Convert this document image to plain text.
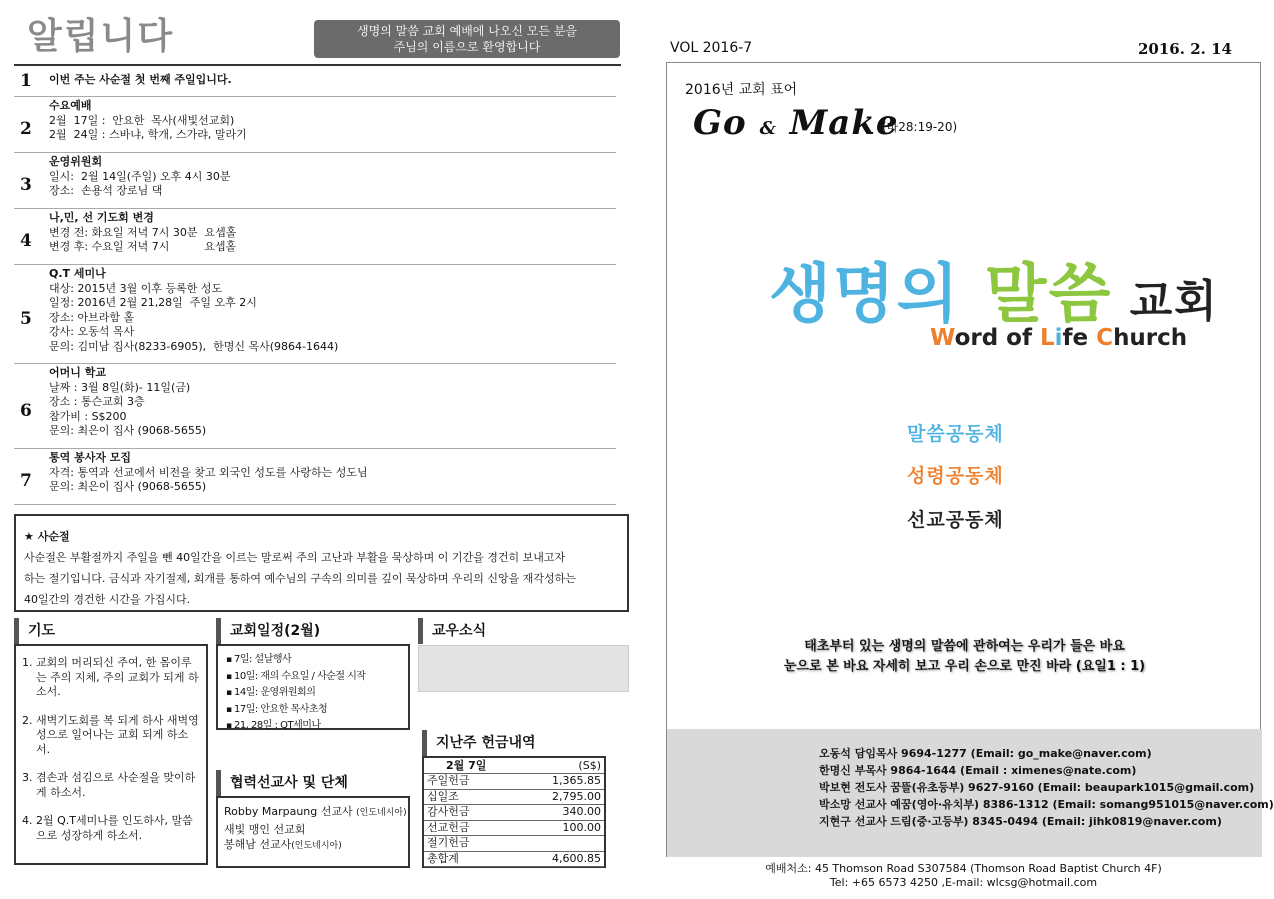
알립니다	생명의 말씀 교회 예배에 나오신 모든 분을
주님의 이름으로 환영합니다
1 이번 주는 사순절 첫 번째 주일입니다.
2
수요예배
2월  17일 :  안요한  목사(새빛선교회)
2월  24일 : 스바냐, 학개, 스가랴, 말라기
3
운영위원회
일시:  2월 14일(주일) 오후 4시 30분
장소:  손용석 장로님 댁
4
나,민, 선 기도회 변경
변경 전: 화요일 저녁 7시 30분  요셉홀
변경 후: 수요일 저녁 7시          요셉홀
5
Q.T 세미나
대상: 2015년 3월 이후 등록한 성도
일정: 2016년 2월 21,28일  주일 오후 2시
장소: 아브라함 홀
강사: 오동석 목사
문의: 김미남 집사(8233-6905),  한명신 목사(9864-1644)
6
어머니 학교
날짜 : 3월 8일(화)- 11일(금)
장소 : 통슨교회 3층
참가비 : S$200
문의: 최은이 집사 (9068-5655)
7
통역 봉사자 모집
자격: 통역과 선교에서 비전을 찾고 외국인 성도를 사랑하는 성도님
문의: 최은이 집사 (9068-5655)
★ 사순절
사순절은 부활절까지 주일을 뺀 40일간을 이르는 말로써 주의 고난과 부활을 묵상하며 이 기간을 경건히 보내고자
하는 절기입니다. 금식과 자기절제, 회개를 통하여 예수님의 구속의 의미를 깊이 묵상하며 우리의 신앙을 재각성하는
40일간의 경건한 시간을 가집시다.
기도
1. 교회의 머리되신 주여, 한 몸이루는 주의 지체, 주의 교회가 되게 하소서.
2. 새벽기도회를 복 되게 하사 새벽영성으로 일어나는 교회 되게 하소서.
3. 겸손과 섬김으로 사순절을 맞이하게 하소서.
4. 2월 Q.T세미나를 인도하사, 말씀으로 성장하게 하소서.
교회일정(2월)
▪ 7일: 설날행사
▪ 10일: 재의 수요일 / 사순절 시작
▪ 14일: 운영위원회의
▪ 17일: 안요한 목사초청
▪ 21, 28일 : QT세미나
협력선교사 및 단체
Robby Marpaung 선교사 (인도네시아)
새빛 맹인 선교회
봉해남 선교사(인도네시아)
교우소식
지난주 헌금내역
2월 7일	(S$)
주일헌금	1,365.85
십일조	2,795.00
감사헌금	340.00
선교헌금	100.00
절기헌금	
총합계	4,600.85
VOL 2016-7	2016. 2. 14
2016년 교회 표어
Go & Make
(마28:19-20)
생명의 말씀 교회
Word of Life Church
말씀공동체
성령공동체
선교공동체
태초부터 있는 생명의 말씀에 관하여는 우리가 들은 바요
눈으로 본 바요 자세히 보고 우리 손으로 만진 바라 (요일1 : 1)
오동석 담임목사 9694-1277 (Email: go_make@naver.com)
한명신 부목사 9864-1644 (Email : ximenes@nate.com)
박보현 전도사 꿈뜰(유초등부) 9627-9160 (Email: beaupark1015@gmail.com)
박소망 선교사 예꿈(영아·유치부) 8386-1312 (Email: somang951015@naver.com)
지현구 선교사 드림(중·고등부) 8345-0494 (Email: jihk0819@naver.com)
예배처소: 45 Thomson Road S307584 (Thomson Road Baptist Church 4F)
Tel: +65 6573 4250 ,E-mail: wlcsg@hotmail.com
